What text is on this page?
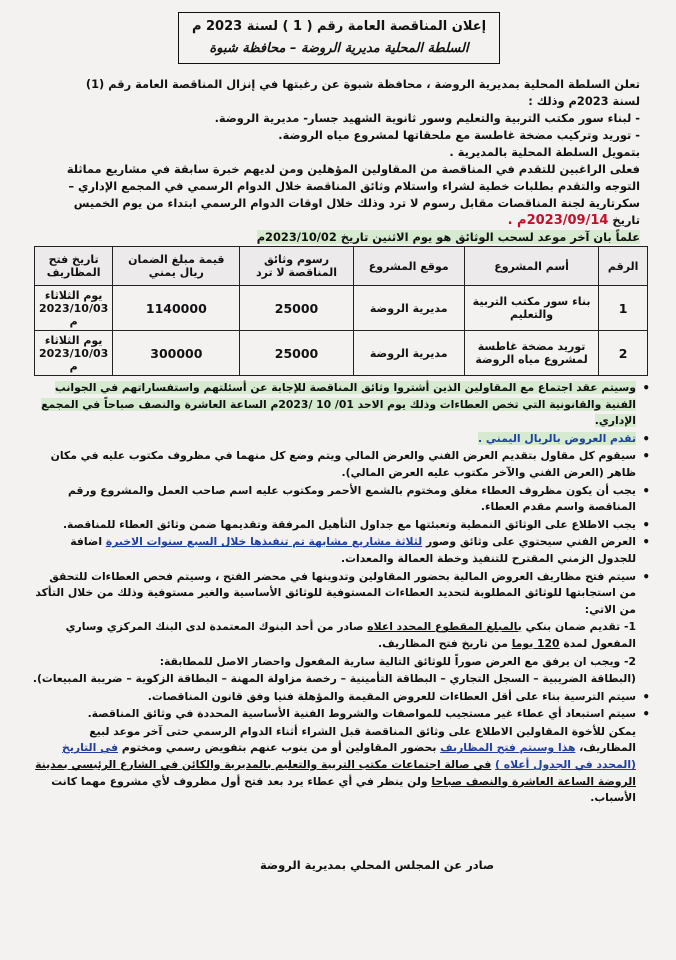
إعلان المناقصة العامة رقم ( 1 ) لسنة 2023 م
السلطة المحلية مديرية الروضة – محافظة شبوة

تعلن السلطة المحلية بمديرية الروضة ، محافظة شبوة عن رغبتها في إنزال المناقصة العامة رقم (1) لسنة 2023م وذلك :

- لبناء سور مكتب التربية والتعليم وسور ثانوية الشهيد جسار- مديرية الروضة.

- توريد وتركيب مضخة غاطسة مع ملحقاتها لمشروع مياه الروضة.

بتمويل السلطة المحلية بالمديرية .

فعلى الراغبين للتقدم في المناقصة من المقاولين المؤهلين ومن لديهم خبرة سابقة في مشاريع مماثلة التوجه والتقدم بطلبات خطية لشراء واستلام وثائق المناقصة خلال الدوام الرسمي في المجمع الإداري – سكرتارية لجنة المناقصات مقابل رسوم لا ترد وذلك خلال اوقات الدوام الرسمي ابتداء من يوم الخميس تاريخ 2023/09/14م .

علماً بان آخر موعد لسحب الوثائق هو يوم الاثنين تاريخ 2023/10/02م

الرقم	أسم المشروع	موقع المشروع	رسوم وثائق المناقصة لا ترد	قيمة مبلغ الضمان ريال يمني	تاريخ فتح المظاريف
1	بناء سور مكتب التربية والتعليم	مديرية الروضة	25000	1140000	يوم الثلاثاء 2023/10/03 م
2	توريد مضخة غاطسة لمشروع مياه الروضة	مديرية الروضة	25000	300000	يوم الثلاثاء 2023/10/03 م

• وسيتم عقد اجتماع مع المقاولين الذين أشتروا وثائق المناقصة للإجابة عن أسئلتهم واستفساراتهم في الجوانب الفنية والقانونية التي تخص العطاءات وذلك يوم الاحد 01/ 10 /2023م الساعة العاشرة والنصف صباحاً في المجمع الإداري.

• تقدم العروض بالريال اليمني .

• سيقوم كل مقاول بتقديم العرض الفني والعرض المالي ويتم وضع كل منهما في مظروف مكتوب عليه في مكان ظاهر (العرض الفني والآخر مكتوب عليه العرض المالي).

• يجب أن يكون مظروف العطاء مغلق ومختوم بالشمع الأحمر ومكتوب عليه اسم صاحب العمل والمشروع ورقم المناقصة واسم مقدم العطاء.

• يجب الاطلاع على الوثائق النمطية وتعبئتها مع جداول التأهيل المرفقة وتقديمها ضمن وثائق العطاء للمناقصة.

• العرض الفني سيحتوي على وثائق وصور لثلاثة مشاريع مشابهة تم تنفيذها خلال السبع سنوات الاخيرة اضافة للجدول الزمني المقترح للتنفيذ وخطة العمالة والمعدات.

• سيتم فتح مظاريف العروض المالية بحضور المقاولين وتدوينها في محضر الفتح ، وسيتم فحص العطاءات للتحقق من استجابتها للوثائق المطلوبة لتحديد العطاءات المستوفية للوثائق الأساسية والغير مستوفية وذلك من خلال التأكد من الاتي:

1- تقديم ضمان بنكي بالمبلغ المقطوع المحدد اعلاه صادر من أحد البنوك المعتمدة لدى البنك المركزي وساري المفعول لمدة 120 يوما من تاريخ فتح المظاريف.

2- ويجب ان يرفق مع العرض صوراً للوثائق التالية سارية المفعول واحضار الاصل للمطابقة:

(البطاقة الضريبية – السجل التجاري – البطاقة التأمينية – رخصة مزاولة المهنة – البطاقة الزكوية – ضريبة المبيعات).

• سيتم الترسية بناء على أقل العطاءات للعروض المقيمة والمؤهلة فنيا وفق قانون المناقصات.

• سيتم استبعاد أي عطاء غير مستجيب للمواصفات والشروط الفنية الأساسية المحددة في وثائق المناقصة.

يمكن للأخوة المقاولين الاطلاع على وثائق المناقصة قبل الشراء أثناء الدوام الرسمي حتى آخر موعد لبيع المظاريف، هذا وسيتم فتح المظاريف بحضور المقاولين أو من ينوب عنهم بتفويض رسمي ومختوم في التاريخ (المحدد في الجدول أعلاه ) في صالة اجتماعات مكتب التربية والتعليم بالمديرية والكائن في الشارع الرئيسي بمدينة الروضة الساعة العاشرة والنصف صباحا ولن ينظر في أي عطاء يرد بعد فتح أول مظروف لأي مشروع مهما كانت الأسباب.

صادر عن المجلس المحلي بمديرية الروضة
